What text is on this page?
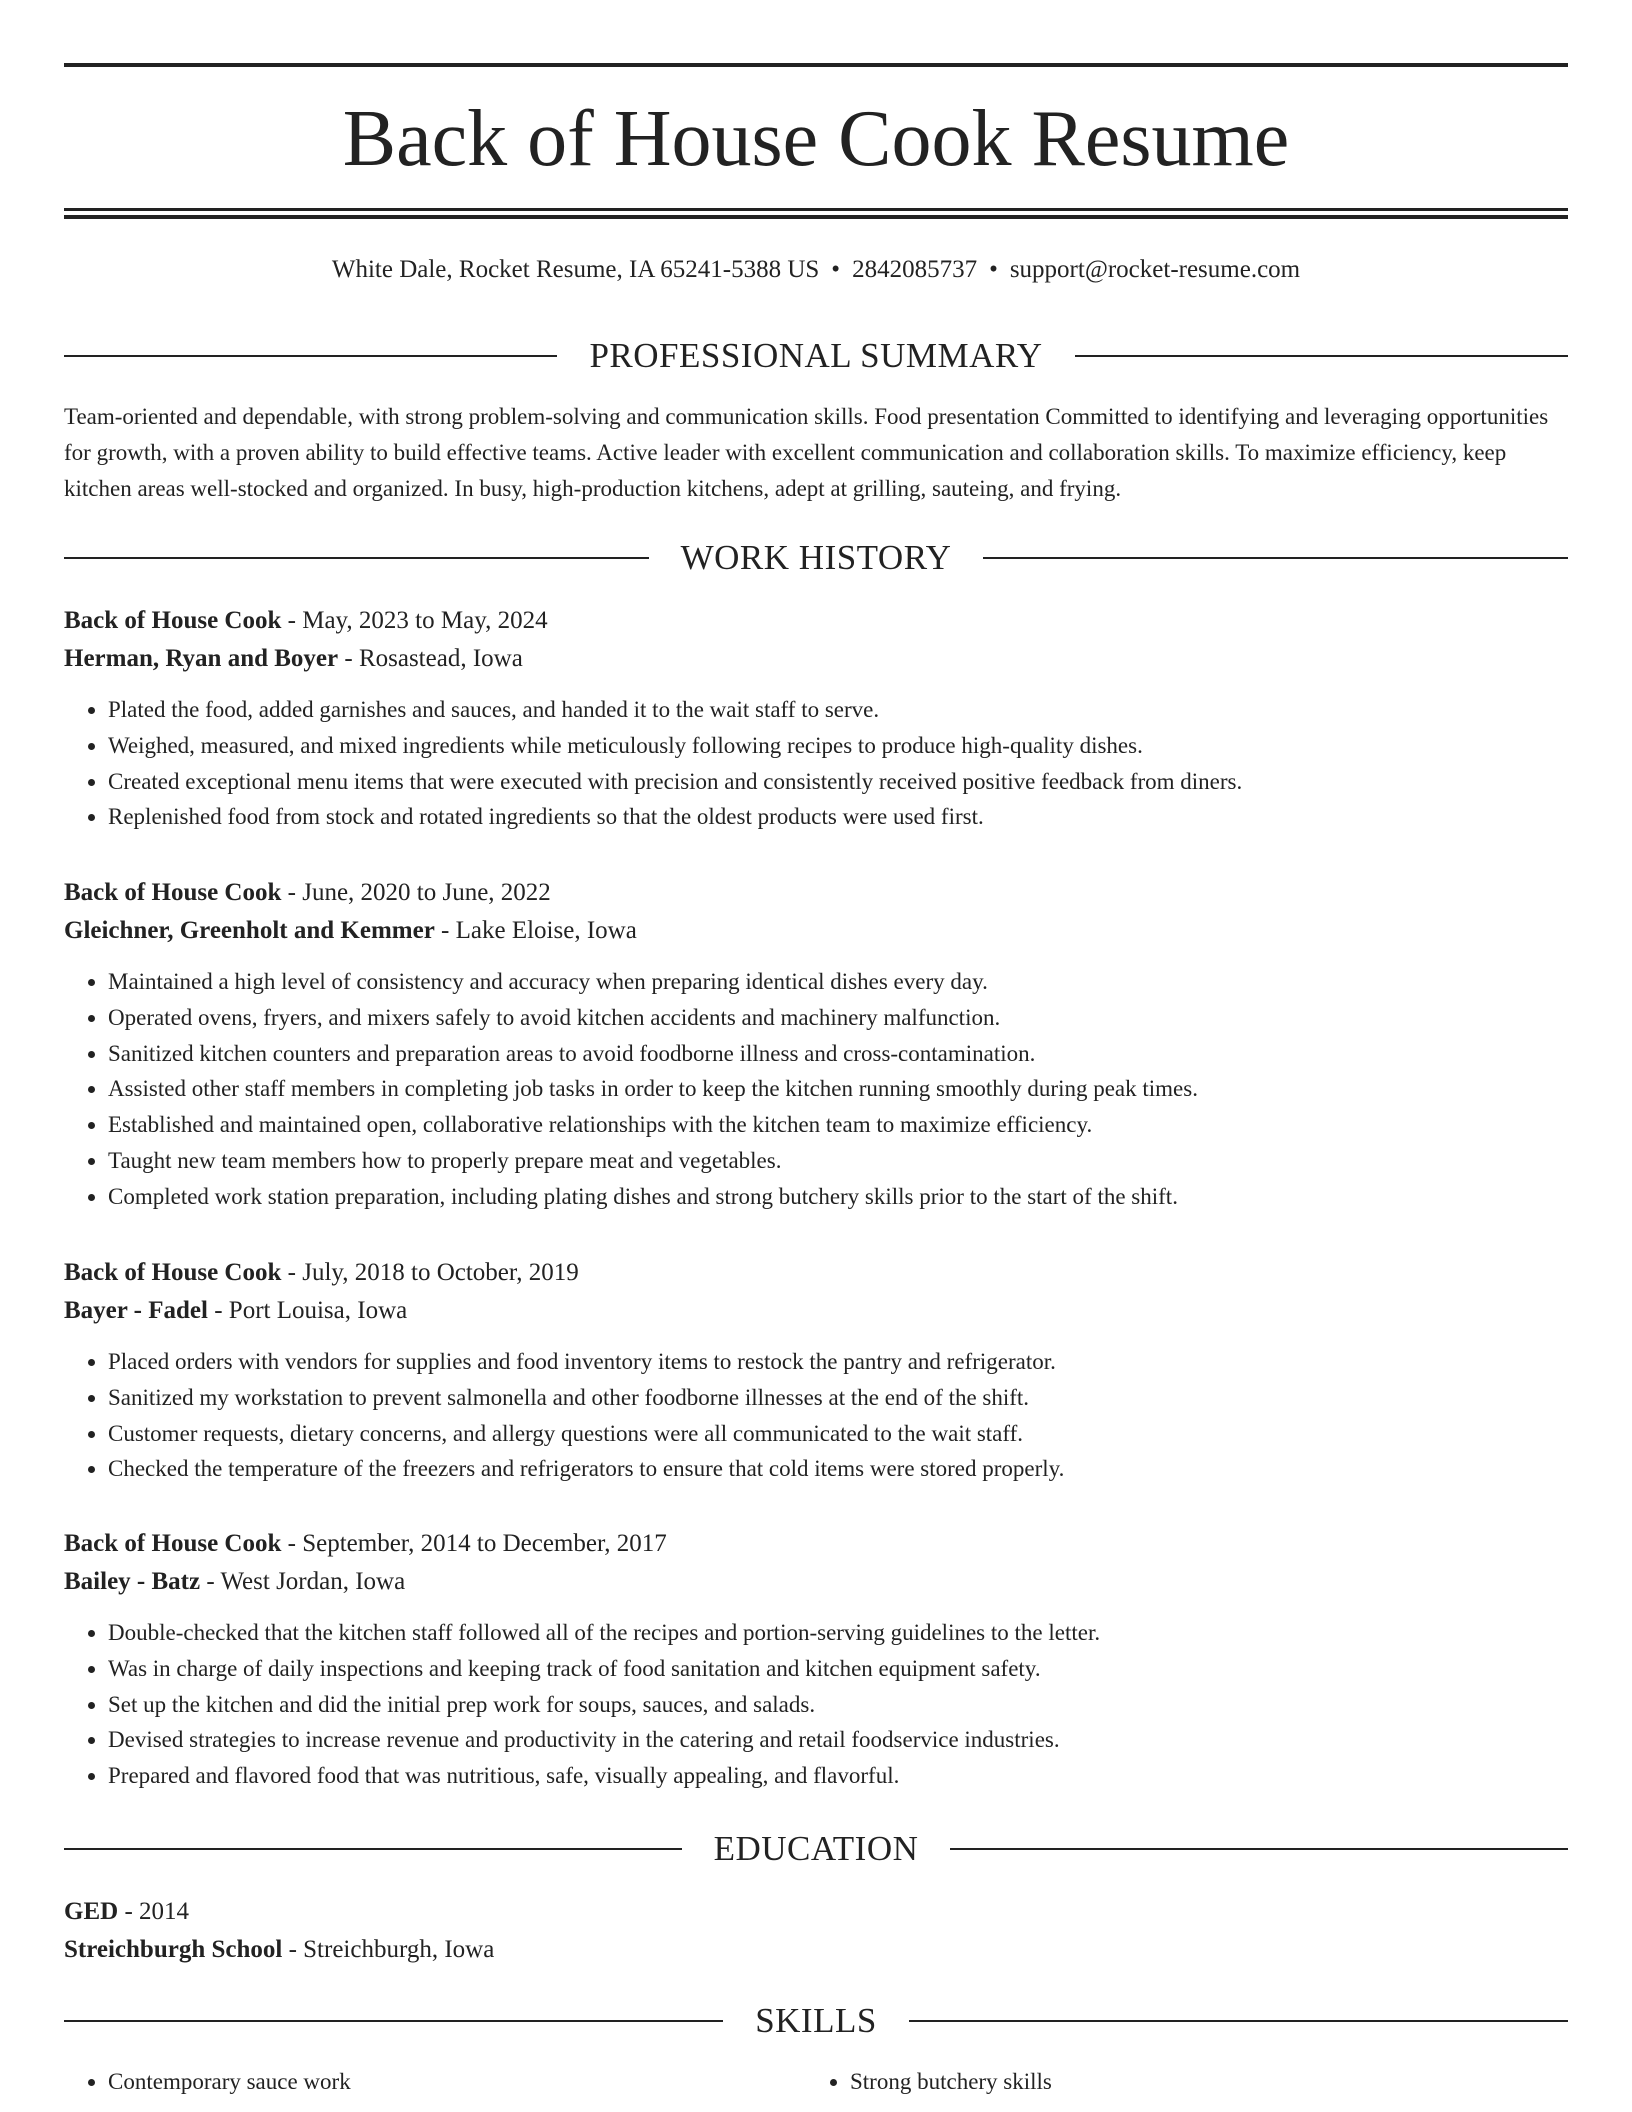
Back of House Cook Resume
White Dale, Rocket Resume, IA 65241-5388 US • 2842085737 • support@rocket-resume.com
PROFESSIONAL SUMMARY

Team-oriented and dependable, with strong problem-solving and communication skills. Food presentation Committed to identifying and leveraging opportunities for growth, with a proven ability to build effective teams. Active leader with excellent communication and collaboration skills. To maximize efficiency, keep kitchen areas well-stocked and organized. In busy, high-production kitchens, adept at grilling, sauteing, and frying.

WORK HISTORY

Back of House Cook - May, 2023 to May, 2024

Herman, Ryan and Boyer - Rosastead, Iowa

• Plated the food, added garnishes and sauces, and handed it to the wait staff to serve.
• Weighed, measured, and mixed ingredients while meticulously following recipes to produce high-quality dishes.
• Created exceptional menu items that were executed with precision and consistently received positive feedback from diners.
• Replenished food from stock and rotated ingredients so that the oldest products were used first.

Back of House Cook - June, 2020 to June, 2022

Gleichner, Greenholt and Kemmer - Lake Eloise, Iowa

• Maintained a high level of consistency and accuracy when preparing identical dishes every day.
• Operated ovens, fryers, and mixers safely to avoid kitchen accidents and machinery malfunction.
• Sanitized kitchen counters and preparation areas to avoid foodborne illness and cross-contamination.
• Assisted other staff members in completing job tasks in order to keep the kitchen running smoothly during peak times.
• Established and maintained open, collaborative relationships with the kitchen team to maximize efficiency.
• Taught new team members how to properly prepare meat and vegetables.
• Completed work station preparation, including plating dishes and strong butchery skills prior to the start of the shift.

Back of House Cook - July, 2018 to October, 2019

Bayer - Fadel - Port Louisa, Iowa

• Placed orders with vendors for supplies and food inventory items to restock the pantry and refrigerator.
• Sanitized my workstation to prevent salmonella and other foodborne illnesses at the end of the shift.
• Customer requests, dietary concerns, and allergy questions were all communicated to the wait staff.
• Checked the temperature of the freezers and refrigerators to ensure that cold items were stored properly.

Back of House Cook - September, 2014 to December, 2017

Bailey - Batz - West Jordan, Iowa

• Double-checked that the kitchen staff followed all of the recipes and portion-serving guidelines to the letter.
• Was in charge of daily inspections and keeping track of food sanitation and kitchen equipment safety.
• Set up the kitchen and did the initial prep work for soups, sauces, and salads.
• Devised strategies to increase revenue and productivity in the catering and retail foodservice industries.
• Prepared and flavored food that was nutritious, safe, visually appealing, and flavorful.
EDUCATION

GED - 2014

Streichburgh School - Streichburgh, Iowa

SKILLS
• Contemporary sauce work
•	Strong butchery skills
